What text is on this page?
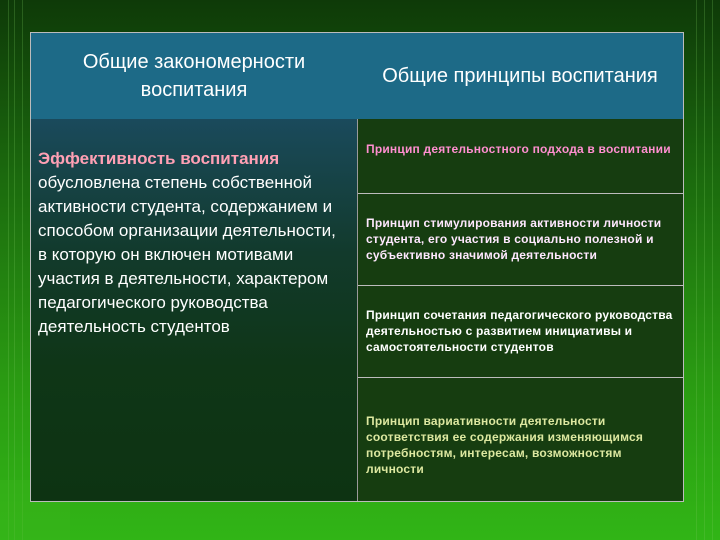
Общие закономерности воспитания
Общие принципы воспитания
Эффективность воспитания
обусловлена степень собственной активности студента, содержанием и способом организации деятельности, в которую он включен мотивами участия в деятельности, характером педагогического руководства деятельность студентов
Принцип деятельностного подхода в воспитании
Принцип стимулирования активности личности студента, его участия в социально полезной и субъективно значимой деятельности
Принцип сочетания педагогического руководства деятельностью с развитием инициативы и самостоятельности студентов
Принцип вариативности деятельности соответствия ее содержания изменяющимся потребностям, интересам, возможностям личности
